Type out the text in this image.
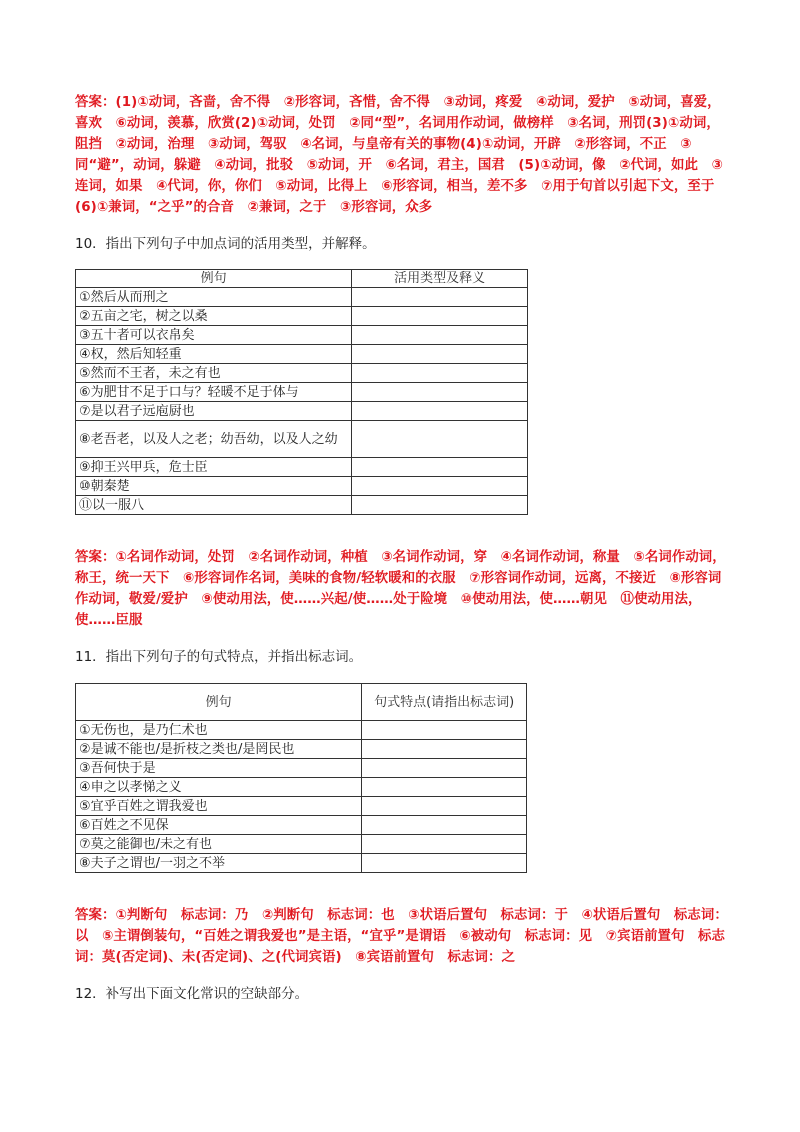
答案：(1)①动词，吝啬，舍不得　②形容词，吝惜，舍不得　③动词，疼爱　④动词，爱护　⑤动词，喜爱，喜欢　⑥动词，羡慕，欣赏(2)①动词，处罚　②同“型”，名词用作动词，做榜样　③名词，刑罚(3)①动词，阻挡　②动词，治理　③动词，驾驭　④名词，与皇帝有关的事物(4)①动词，开辟　②形容词，不正　③同“避”，动词，躲避　④动词，批驳　⑤动词，开　⑥名词，君主，国君　(5)①动词，像　②代词，如此　③连词，如果　④代词，你，你们　⑤动词，比得上　⑥形容词，相当，差不多　⑦用于句首以引起下文，至于(6)①兼词，“之乎”的合音　②兼词，之于　③形容词，众多
10．指出下列句子中加点词的活用类型，并解释。
例句	活用类型及释义
①然后从而刑之	
②五亩之宅，树之以桑	
③五十者可以衣帛矣	
④权，然后知轻重	
⑤然而不王者，未之有也	
⑥为肥甘不足于口与？轻暖不足于体与	
⑦是以君子远庖厨也	
⑧老吾老，以及人之老；幼吾幼，以及人之幼	
⑨抑王兴甲兵，危士臣	
⑩朝秦楚	
⑪以一服八	
答案：①名词作动词，处罚　②名词作动词，种植　③名词作动词，穿　④名词作动词，称量　⑤名词作动词，称王，统一天下　⑥形容词作名词，美味的食物/轻软暖和的衣服　⑦形容词作动词，远离，不接近　⑧形容词作动词，敬爱/爱护　⑨使动用法，使……兴起/使……处于险境　⑩使动用法，使……朝见　⑪使动用法，使……臣服
11．指出下列句子的句式特点，并指出标志词。
例句	句式特点(请指出标志词)
①无伤也，是乃仁术也	
②是诚不能也/是折枝之类也/是罔民也	
③吾何快于是	
④申之以孝悌之义	
⑤宜乎百姓之谓我爱也	
⑥百姓之不见保	
⑦莫之能御也/未之有也	
⑧夫子之谓也/一羽之不举	
答案：①判断句　标志词：乃　②判断句　标志词：也　③状语后置句　标志词：于　④状语后置句　标志词：以　⑤主谓倒装句，“百姓之谓我爱也”是主语，“宜乎”是谓语　⑥被动句　标志词：见　⑦宾语前置句　标志词：莫(否定词)、未(否定词)、之(代词宾语)　⑧宾语前置句　标志词：之
12．补写出下面文化常识的空缺部分。
